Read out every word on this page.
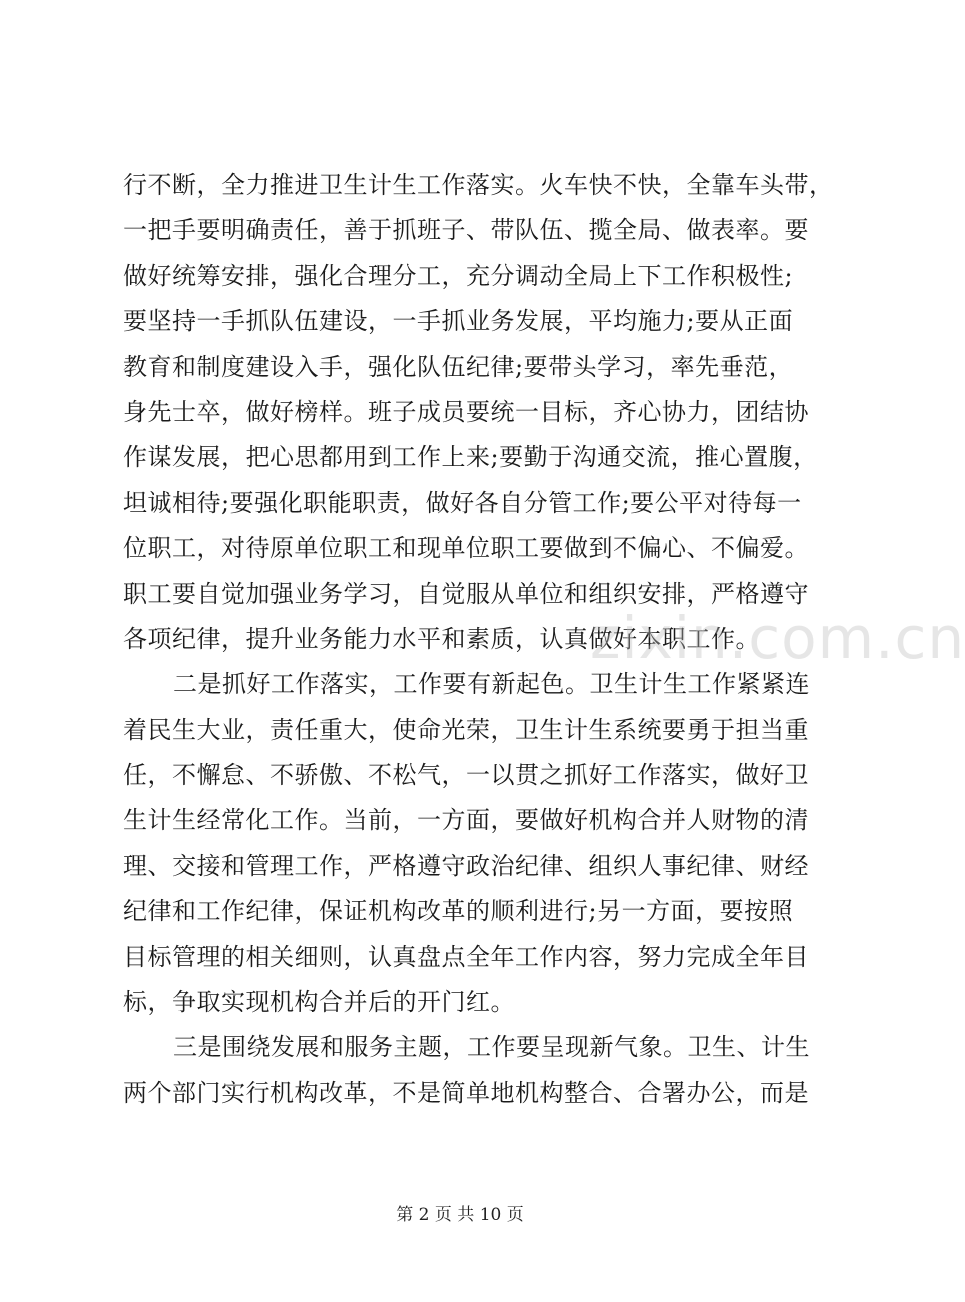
行不断，全力推进卫生计生工作落实。火车快不快，全靠车头带，
一把手要明确责任，善于抓班子、带队伍、揽全局、做表率。要
做好统筹安排，强化合理分工，充分调动全局上下工作积极性;
要坚持一手抓队伍建设，一手抓业务发展，平均施力;要从正面
教育和制度建设入手，强化队伍纪律;要带头学习，率先垂范，
身先士卒，做好榜样。班子成员要统一目标，齐心协力，团结协
作谋发展，把心思都用到工作上来;要勤于沟通交流，推心置腹，
坦诚相待;要强化职能职责，做好各自分管工作;要公平对待每一
位职工，对待原单位职工和现单位职工要做到不偏心、不偏爱。
职工要自觉加强业务学习，自觉服从单位和组织安排，严格遵守
各项纪律，提升业务能力水平和素质，认真做好本职工作。
二是抓好工作落实，工作要有新起色。卫生计生工作紧紧连
着民生大业，责任重大，使命光荣，卫生计生系统要勇于担当重
任，不懈怠、不骄傲、不松气，一以贯之抓好工作落实，做好卫
生计生经常化工作。当前，一方面，要做好机构合并人财物的清
理、交接和管理工作，严格遵守政治纪律、组织人事纪律、财经
纪律和工作纪律，保证机构改革的顺利进行;另一方面，要按照
目标管理的相关细则，认真盘点全年工作内容，努力完成全年目
标，争取实现机构合并后的开门红。
三是围绕发展和服务主题，工作要呈现新气象。卫生、计生
两个部门实行机构改革，不是简单地机构整合、合署办公，而是
zixin.com.cn
第 2 页 共 10 页
